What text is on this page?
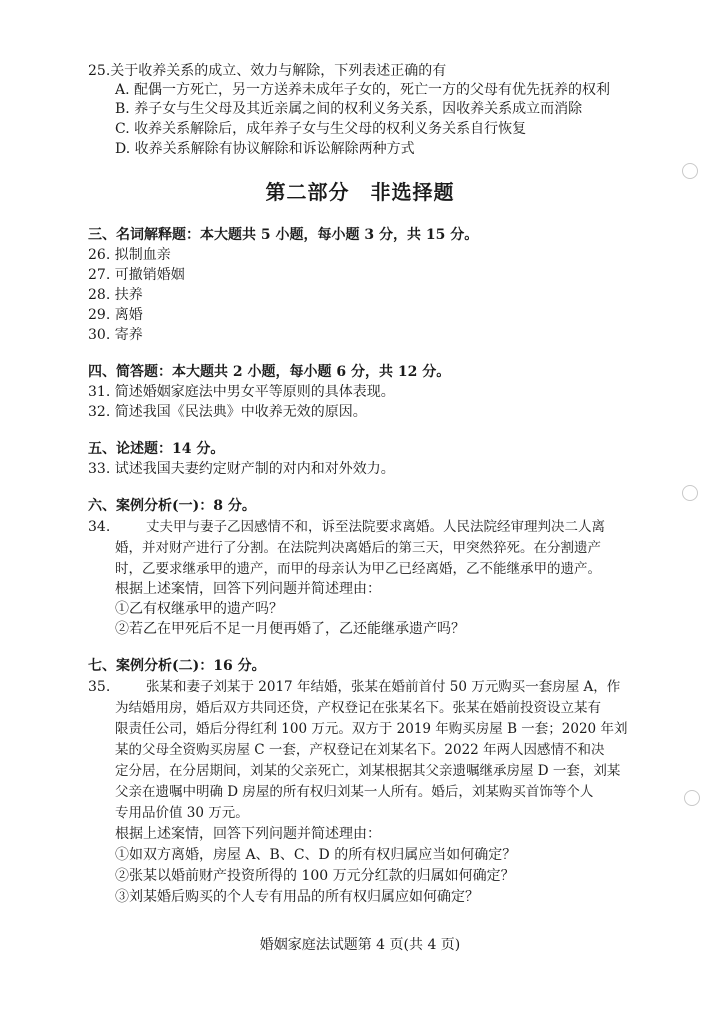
25.关于收养关系的成立、效力与解除，下列表述正确的有
A. 配偶一方死亡，另一方送养未成年子女的，死亡一方的父母有优先抚养的权利
B. 养子女与生父母及其近亲属之间的权利义务关系，因收养关系成立而消除
C. 收养关系解除后，成年养子女与生父母的权利义务关系自行恢复
D. 收养关系解除有协议解除和诉讼解除两种方式
第二部分　非选择题
三、名词解释题：本大题共 5 小题，每小题 3 分，共 15 分。
26. 拟制血亲
27. 可撤销婚姻
28. 扶养
29. 离婚
30. 寄养
四、简答题：本大题共 2 小题，每小题 6 分，共 12 分。
31. 简述婚姻家庭法中男女平等原则的具体表现。
32. 简述我国《民法典》中收养无效的原因。
五、论述题：14 分。
33. 试述我国夫妻约定财产制的对内和对外效力。
六、案例分析(一)：8 分。
34.	丈夫甲与妻子乙因感情不和，诉至法院要求离婚。人民法院经审理判决二人离
婚，并对财产进行了分割。在法院判决离婚后的第三天，甲突然猝死。在分割遗产
时，乙要求继承甲的遗产，而甲的母亲认为甲乙已经离婚，乙不能继承甲的遗产。
根据上述案情，回答下列问题并简述理由：
①乙有权继承甲的遗产吗？
②若乙在甲死后不足一月便再婚了，乙还能继承遗产吗？
七、案例分析(二)：16 分。
35.	张某和妻子刘某于 2017 年结婚，张某在婚前首付 50 万元购买一套房屋 A，作
为结婚用房，婚后双方共同还贷，产权登记在张某名下。张某在婚前投资设立某有
限责任公司，婚后分得红利 100 万元。双方于 2019 年购买房屋 B 一套；2020 年刘
某的父母全资购买房屋 C 一套，产权登记在刘某名下。2022 年两人因感情不和决
定分居，在分居期间，刘某的父亲死亡，刘某根据其父亲遗嘱继承房屋 D 一套，刘某
父亲在遗嘱中明确 D 房屋的所有权归刘某一人所有。婚后，刘某购买首饰等个人
专用品价值 30 万元。
根据上述案情，回答下列问题并简述理由：
①如双方离婚，房屋 A、B、C、D 的所有权归属应当如何确定？
②张某以婚前财产投资所得的 100 万元分红款的归属如何确定？
③刘某婚后购买的个人专有用品的所有权归属应如何确定？
婚姻家庭法试题第 4 页(共 4 页)
